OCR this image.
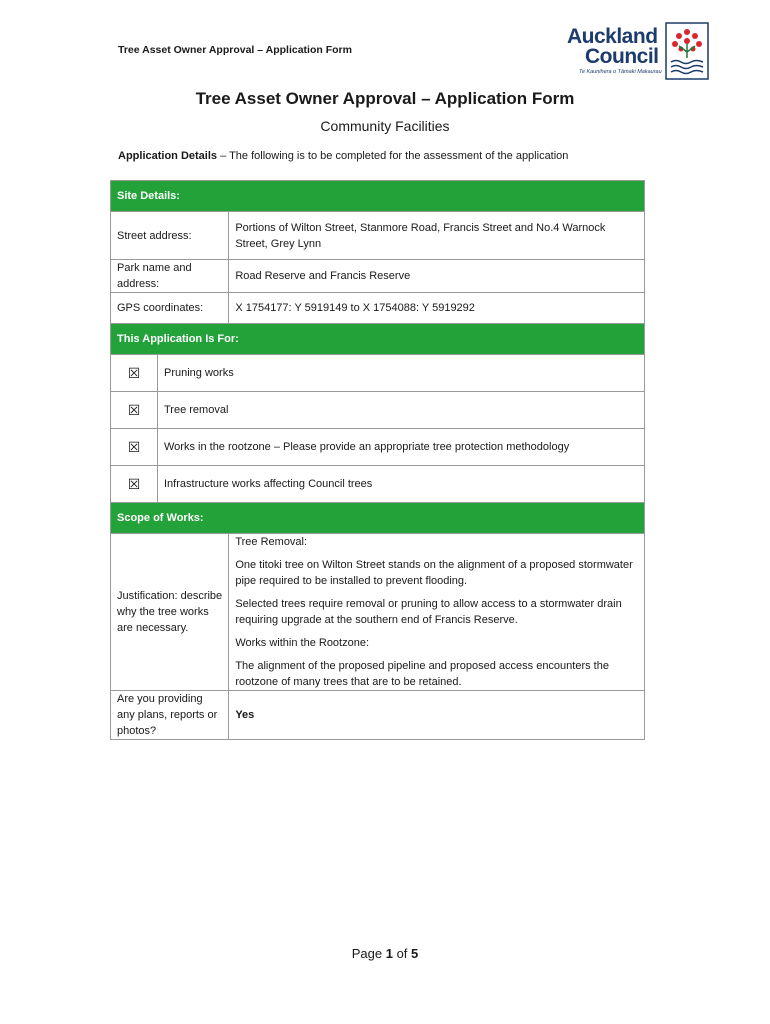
Tree Asset Owner Approval – Application Form
Auckland
Council
Te Kaunihera o Tāmaki Makaurau
Tree Asset Owner Approval – Application Form
Community Facilities
Application Details – The following is to be completed for the assessment of the application
Site Details:		
Street address:		Portions of Wilton Street, Stanmore Road, Francis Street and No.4 Warnock Street, Grey Lynn
Park name and address:		Road Reserve and Francis Reserve
GPS coordinates:		X 1754177: Y 5919149 to X 1754088: Y 5919292
This Application Is For:		
☒	Pruning works	
☒	Tree removal	
☒	Works in the rootzone – Please provide an appropriate tree protection methodology	
☒	Infrastructure works affecting Council trees	
Scope of Works:		
Justification: describe why the tree works are necessary.		Tree Removal:

One titoki tree on Wilton Street stands on the alignment of a proposed stormwater pipe required to be installed to prevent flooding.

Selected trees require removal or pruning to allow access to a stormwater drain requiring upgrade at the southern end of Francis Reserve.

Works within the Rootzone:

The alignment of the proposed pipeline and proposed access encounters the rootzone of many trees that are to be retained.

Are you providing any plans, reports or photos?		Yes
Page 1 of 5
